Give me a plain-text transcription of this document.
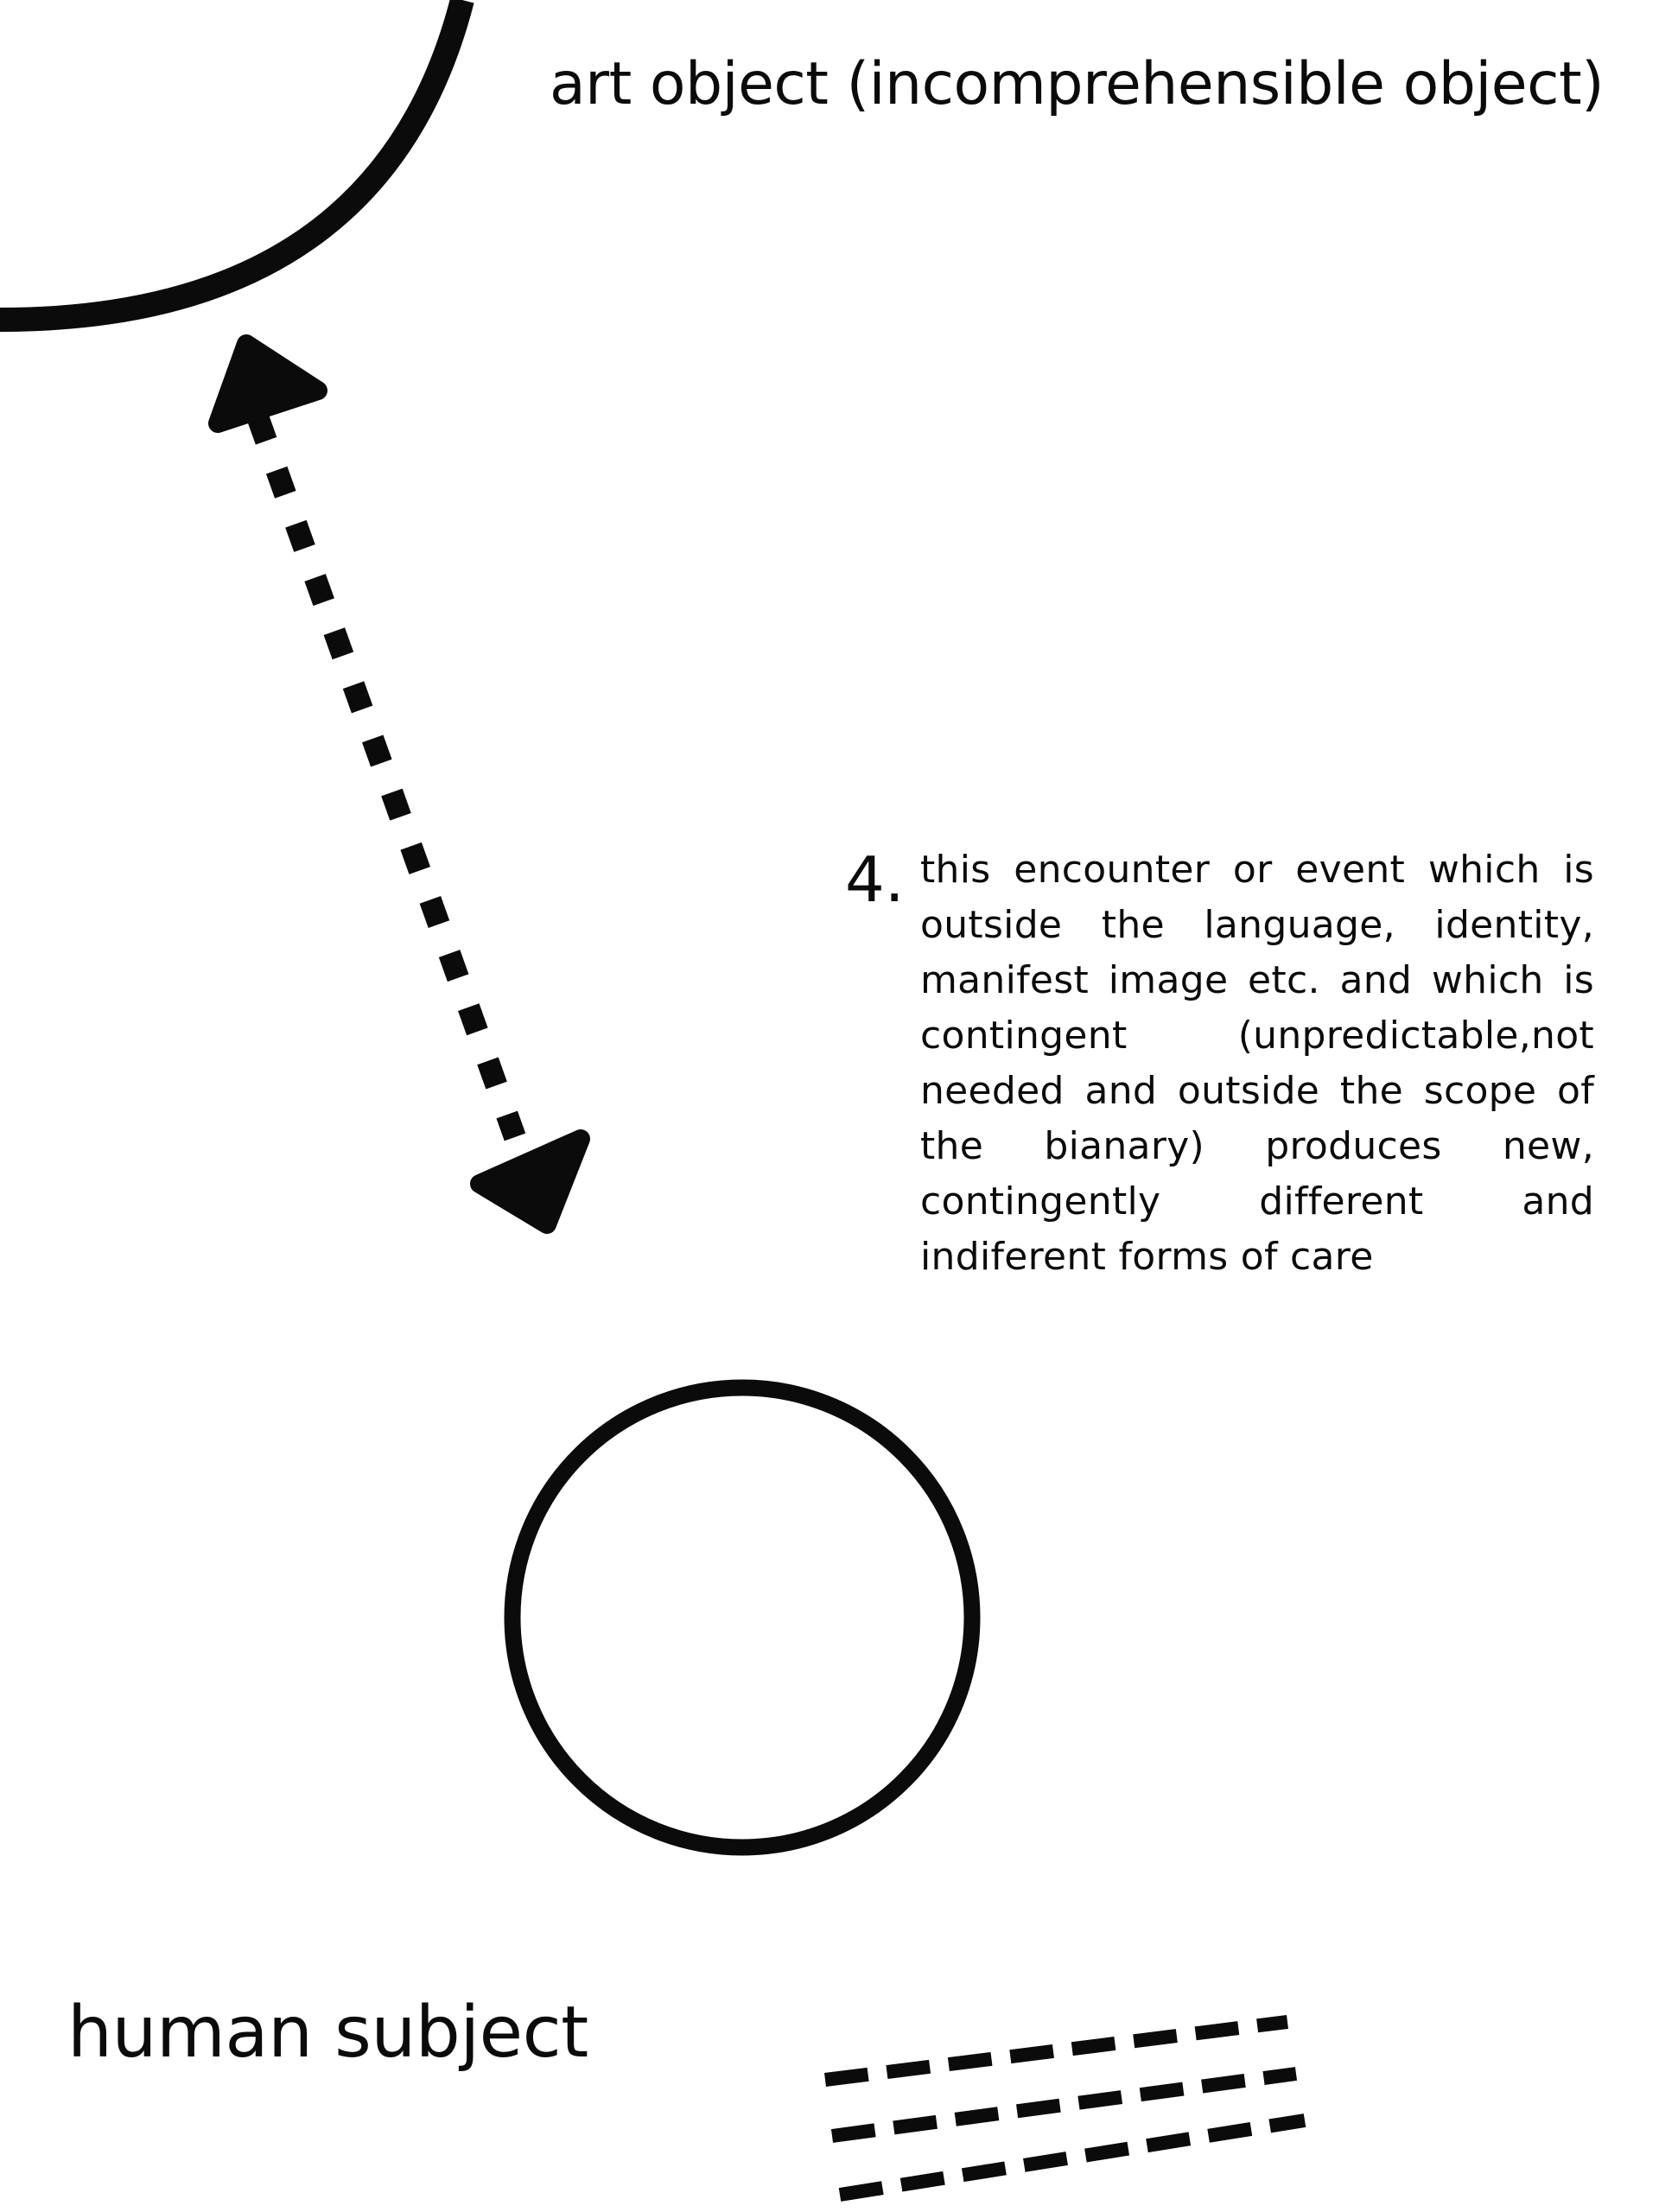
art object (incomprehensible object)
4. this encounter or event which is outside the language, identity, manifest image etc. and which is contingent (unpredictable,not needed and outside the scope of the bianary) produces new, contingently different and indiferent forms of care

human subject
